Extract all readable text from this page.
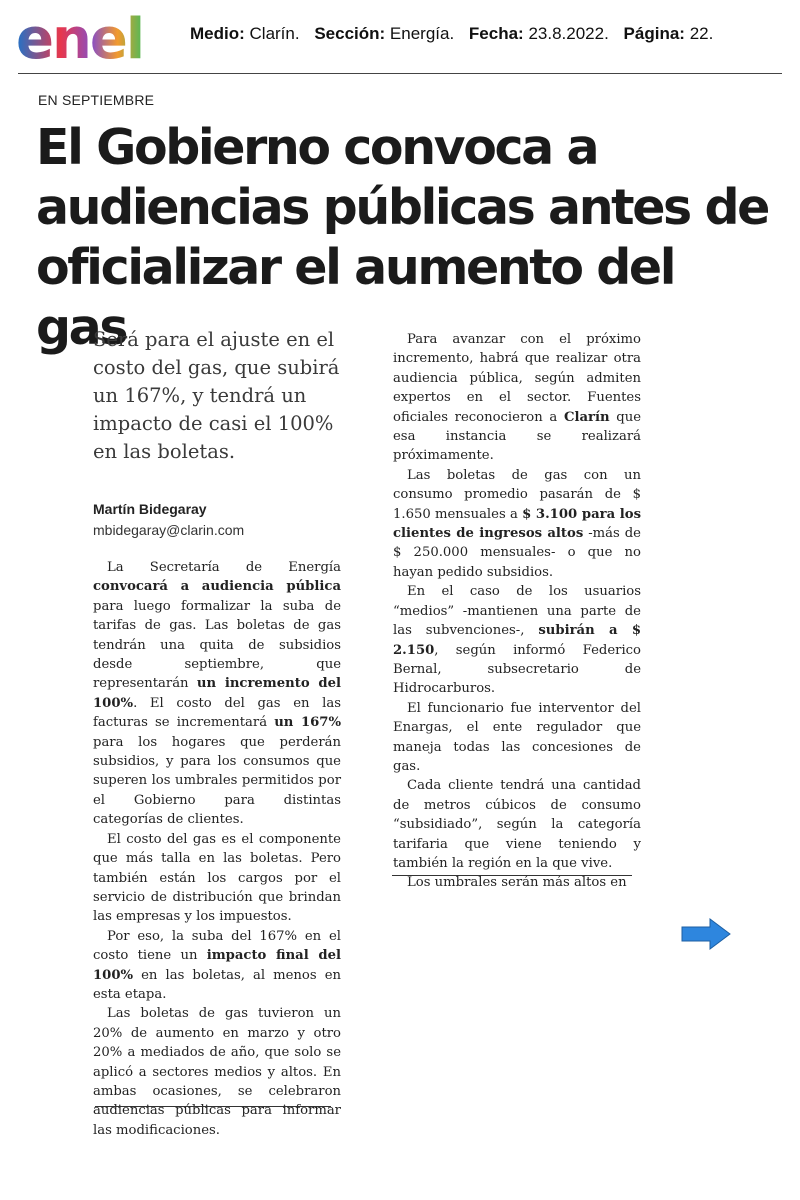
enel	Medio: Clarín. Sección: Energía. Fecha: 23.8.2022. Página: 22.
EN SEPTIEMBRE
El Gobierno convoca a audiencias públicas antes de oficializar el aumento del gas

Será para el ajuste en el costo del gas, que subirá un 167%, y tendrá un impacto de casi el 100% en las boletas.

Martín Bidegaray
mbidegaray@clarin.com

La Secretaría de Energía convocará a audiencia pública para luego formalizar la suba de tarifas de gas. Las boletas de gas tendrán una quita de subsidios desde septiembre, que representarán un incremento del 100%. El costo del gas en las facturas se incrementará un 167% para los hogares que perderán subsidios, y para los consumos que superen los umbrales permitidos por el Gobierno para distintas categorías de clientes.

El costo del gas es el componente que más talla en las boletas. Pero también están los cargos por el servicio de distribución que brindan las empresas y los impuestos.

Por eso, la suba del 167% en el costo tiene un impacto final del 100% en las boletas, al menos en esta etapa.

Las boletas de gas tuvieron un 20% de aumento en marzo y otro 20% a mediados de año, que solo se aplicó a sectores medios y altos. En ambas ocasiones, se celebraron audiencias públicas para informar las modificaciones.

Para avanzar con el próximo incremento, habrá que realizar otra audiencia pública, según admiten expertos en el sector. Fuentes oficiales reconocieron a Clarín que esa instancia se realizará próximamente.

Las boletas de gas con un consumo promedio pasarán de $ 1.650 mensuales a $ 3.100 para los clientes de ingresos altos -más de $ 250.000 mensuales- o que no hayan pedido subsidios.

En el caso de los usuarios “medios” -mantienen una parte de las subvenciones-, subirán a $ 2.150, según informó Federico Bernal, subsecretario de Hidrocarburos.

El funcionario fue interventor del Enargas, el ente regulador que maneja todas las concesiones de gas.

Cada cliente tendrá una cantidad de metros cúbicos de consumo “subsidiado”, según la categoría tarifaria que viene teniendo y también la región en la que vive.

Los umbrales serán más altos en
